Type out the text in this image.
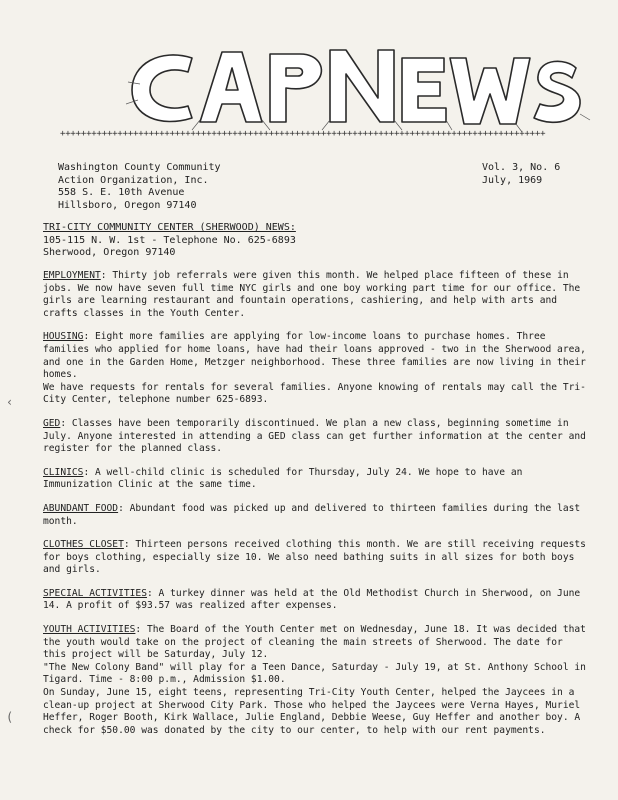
+++++++++++++++++++++++++++++++++++++++++++++++++++++++++++++++++++++++++++++++++++++++++++++
Washington County Community
Action Organization, Inc.
558 S. E. 10th Avenue
Hillsboro, Oregon 97140
Vol. 3, No. 6
July, 1969
TRI-CITY COMMUNITY CENTER (SHERWOOD) NEWS:
105-115 N. W. 1st - Telephone No. 625-6893
Sherwood, Oregon 97140

EMPLOYMENT: Thirty job referrals were given this month. We helped place fifteen of these in jobs. We now have seven full time NYC girls and one boy working part time for our office. The girls are learning restaurant and fountain operations, cashiering, and help with arts and crafts classes in the Youth Center.

HOUSING: Eight more families are applying for low-income loans to purchase homes. Three families who applied for home loans, have had their loans approved - two in the Sherwood area, and one in the Garden Home, Metzger neighborhood. These three families are now living in their homes.

We have requests for rentals for several families. Anyone knowing of rentals may call the Tri-City Center, telephone number 625-6893.

GED: Classes have been temporarily discontinued. We plan a new class, beginning sometime in July. Anyone interested in attending a GED class can get further information at the center and register for the planned class.

CLINICS: A well-child clinic is scheduled for Thursday, July 24. We hope to have an Immunization Clinic at the same time.

ABUNDANT FOOD: Abundant food was picked up and delivered to thirteen families during the last month.

CLOTHES CLOSET: Thirteen persons received clothing this month. We are still receiving requests for boys clothing, especially size 10. We also need bathing suits in all sizes for both boys and girls.

SPECIAL ACTIVITIES: A turkey dinner was held at the Old Methodist Church in Sherwood, on June 14. A profit of $93.57 was realized after expenses.

YOUTH ACTIVITIES: The Board of the Youth Center met on Wednesday, June 18. It was decided that the youth would take on the project of cleaning the main streets of Sherwood. The date for this project will be Saturday, July 12.

"The New Colony Band" will play for a Teen Dance, Saturday - July 19, at St. Anthony School in Tigard. Time - 8:00 p.m., Admission $1.00.

On Sunday, June 15, eight teens, representing Tri-City Youth Center, helped the Jaycees in a clean-up project at Sherwood City Park. Those who helped the Jaycees were Verna Hayes, Muriel Heffer, Roger Booth, Kirk Wallace, Julie England, Debbie Weese, Guy Heffer and another boy. A check for $50.00 was donated by the city to our center, to help with our rent payments.

‹
(
